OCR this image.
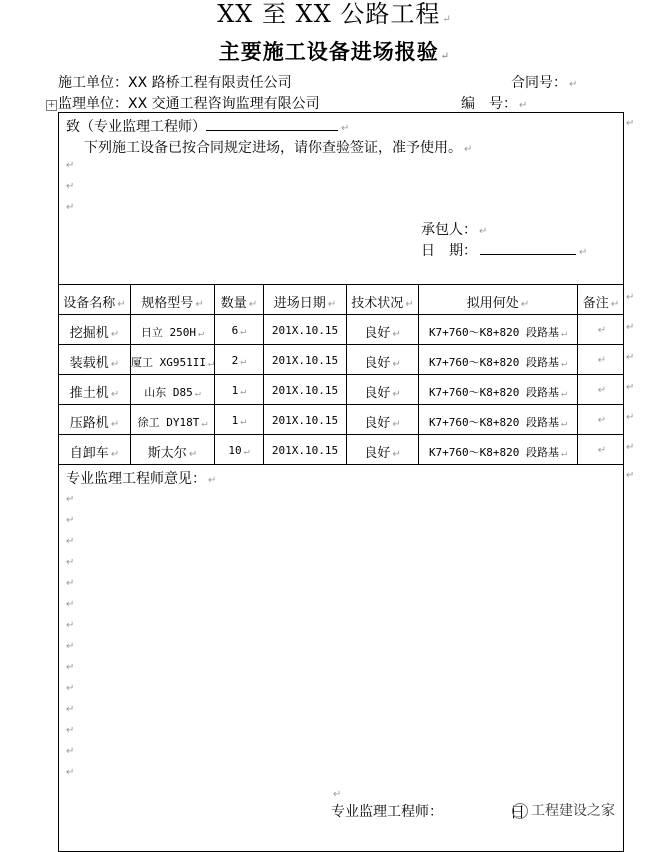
XX 至 XX 公路工程 ↵
主要施工设备进场报验 ↵
施工单位：XX 路桥工程有限责任公司	合同号： ↵
+ 监理单位：XX 交通工程咨询监理有限公司	编　号： ↵
致（专业监理工程师）	↵
下列施工设备已按合同规定进场，请你查验签证，准予使用。 ↵
↵
↵
↵
承包人： ↵
日　期：	↵
设备名称 ↵	规格型号 ↵	数量 ↵	进场日期 ↵	技术状况 ↵	拟用何处 ↵	备注 ↵
挖掘机 ↵	日立 250H ↵	6 ↵	201X.10.15	良好 ↵	K7+760～K8+820 段路基 ↵	↵
装载机 ↵	厦工 XG951II ↵	2 ↵	201X.10.15	良好 ↵	K7+760～K8+820 段路基 ↵	↵
推土机 ↵	山东 D85 ↵	1 ↵	201X.10.15	良好 ↵	K7+760～K8+820 段路基 ↵	↵
压路机 ↵	徐工 DY18T ↵	1 ↵	201X.10.15	良好 ↵	K7+760～K8+820 段路基 ↵	↵
自卸车 ↵	斯太尔 ↵	10 ↵	201X.10.15	良好 ↵	K7+760～K8+820 段路基 ↵	↵
↵
↵
↵
↵
↵
↵
↵
↵
专业监理工程师意见： ↵
↵
↵
↵
↵
↵
↵
↵
↵
↵
↵
↵
↵
↵
↵
↵
专业监理工程师：	日 工程建设之家
